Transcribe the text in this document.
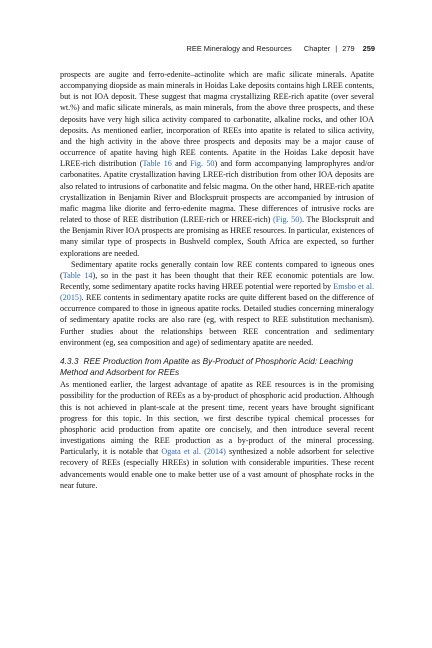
REE Mineralogy and Resources Chapter | 279 259

prospects are augite and ferro-edenite–actinolite which are mafic silicate minerals. Apatite accompanying diopside as main minerals in Hoidas Lake deposits contains high LREE contents, but is not IOA deposit. These suggest that magma crystallizing REE-rich apatite (over several wt.%) and mafic silicate minerals, as main minerals, from the above three prospects, and these deposits have very high silica activity compared to carbonatite, alkaline rocks, and other IOA deposits. As mentioned earlier, incorporation of REEs into apatite is related to silica activity, and the high activity in the above three prospects and deposits may be a major cause of occurrence of apatite having high REE contents. Apatite in the Hoidas Lake deposit have LREE-rich distribution (Table 16 and Fig. 50) and form accompanying lamprophyres and/or carbonatites. Apatite crystallization having LREE-rich distribution from other IOA deposits are also related to intrusions of carbonatite and felsic magma. On the other hand, HREE-rich apatite crystallization in Benjamin River and Blockspruit prospects are accompanied by intrusion of mafic magma like diorite and ferro-edenite magma. These differences of intrusive rocks are related to those of REE distribution (LREE-rich or HREE-rich) (Fig. 50). The Blockspruit and the Benjamin River IOA prospects are promising as HREE resources. In particular, existences of many similar type of prospects in Bushveld complex, South Africa are expected, so further explorations are needed.

Sedimentary apatite rocks generally contain low REE contents compared to igneous ones (Table 14), so in the past it has been thought that their REE economic potentials are low. Recently, some sedimentary apatite rocks having HREE potential were reported by Emsbo et al. (2015). REE contents in sedimentary apatite rocks are quite different based on the difference of occurrence compared to those in igneous apatite rocks. Detailed studies concerning mineralogy of sedimentary apatite rocks are also rare (eg, with respect to REE substitution mechanism). Further studies about the relationships between REE concentration and sedimentary environment (eg, sea composition and age) of sedimentary apatite are needed.

4.3.3 REE Production from Apatite as By-Product of Phosphoric Acid: Leaching Method and Adsorbent for REEs

As mentioned earlier, the largest advantage of apatite as REE resources is in the promising possibility for the production of REEs as a by-product of phosphoric acid production. Although this is not achieved in plant-scale at the present time, recent years have brought significant progress for this topic. In this section, we first describe typical chemical processes for phosphoric acid production from apatite ore concisely, and then introduce several recent investigations aiming the REE production as a by-product of the mineral processing. Particularly, it is notable that Ogata et al. (2014) synthesized a noble adsorbent for selective recovery of REEs (especially HREEs) in solution with considerable impurities. These recent advancements would enable one to make better use of a vast amount of phosphate rocks in the near future.
